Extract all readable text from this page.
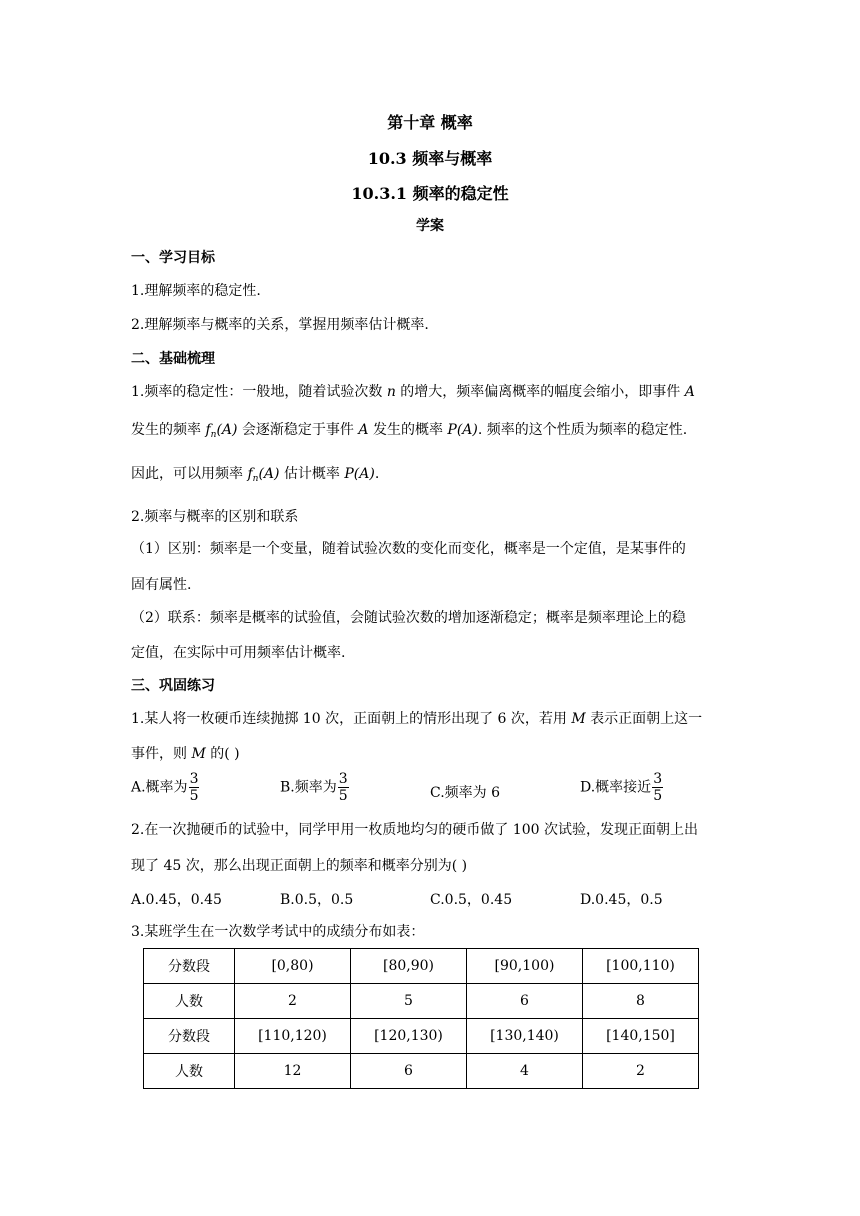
第十章 概率
10.3 频率与概率
10.3.1 频率的稳定性
学案
一、学习目标
1.理解频率的稳定性.
2.理解频率与概率的关系，掌握用频率估计概率.
二、基础梳理
1.频率的稳定性：一般地，随着试验次数 n 的增大，频率偏离概率的幅度会缩小，即事件 A
发生的频率 $f_n(A)$ 会逐渐稳定于事件 A 发生的概率 P(A). 频率的这个性质为频率的稳定性.
因此，可以用频率 $f_n(A)$ 估计概率 P(A).
2.频率与概率的区别和联系
（1）区别：频率是一个变量，随着试验次数的变化而变化，概率是一个定值，是某事件的
固有属性.
（2）联系：频率是概率的试验值，会随试验次数的增加逐渐稳定；概率是频率理论上的稳
定值，在实际中可用频率估计概率.
三、巩固练习
1.某人将一枚硬币连续抛掷 10 次，正面朝上的情形出现了 6 次，若用 M 表示正面朝上这一
事件，则 M 的( )
A.概率为 $\frac{3}{5}$	B.频率为 $\frac{3}{5}$	C.频率为 6	D.概率接近 $\frac{3}{5}$
2.在一次抛硬币的试验中，同学甲用一枚质地均匀的硬币做了 100 次试验，发现正面朝上出
现了 45 次，那么出现正面朝上的频率和概率分别为( )
A.0.45，0.45	B.0.5，0.5	C.0.5，0.45	D.0.45，0.5
3.某班学生在一次数学考试中的成绩分布如表：
分数段	[0,80)	[80,90)	[90,100)	[100,110)
人数	2	5	6	8
分数段	[110,120)	[120,130)	[130,140)	[140,150]
人数	12	6	4	2
